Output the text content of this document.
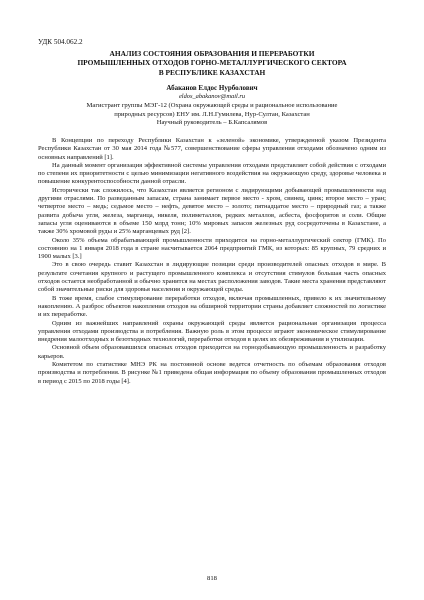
УДК 504.062.2
АНАЛИЗ СОСТОЯНИЯ ОБРАЗОВАНИЯ И ПЕРЕРАБОТКИ
ПРОМЫШЛЕННЫХ ОТХОДОВ ГОРНО-МЕТАЛЛУРГИЧЕСКОГО СЕКТОРА
В РЕСПУБЛИКЕ КАЗАХСТАН
Абаканов Елдос Нурболович
eldos_abakanov@mail.ru
Магистрант группы МЭГ-12 (Охрана окружающей среды и рациональное использование
природных ресурсов) ЕНУ им. Л.Н.Гумилева, Нур-Султан, Казахстан
Научный руководитель – Б.Капсалямов

В Концепции по переходу Республики Казахстан к «зеленой» экономике, утвержденной указом Президента Республики Казахстан от 30 мая 2014 года №577, совершенствование сферы управления отходами обозначено одним из основных направлений [1].

На данный момент организация эффективной системы управления отходами представляет собой действия с отходами по степени их приоритетности с целью минимизации негативного воздействия на окружающую среду, здоровье человека и повышение конкурентоспособности данной отрасли.

Исторически так сложилось, что Казахстан является регионом с лидирующими добывающей промышленности над другими отраслями. По разведанным запасам, страна занимает первое место - хром, свинец, цинк; второе место – уран; четвертое место – медь; седьмое место – нефть, девятое место – золото; пятнадцатое место – природный газ; а также развита добыча угля, железа, марганца, никеля, полиметаллов, редких металлов, асбеста, фосфоритов и соли. Общие запасы угля оцениваются в объеме 150 млрд тонн; 10% мировых запасов железных руд сосредоточены в Казахстане, а также 30% хромовой руды и 25% марганцевых руд [2].

Около 35% объема обрабатывающей промышленности приходится на горно-металлургический сектор (ГМК). По состоянию на 1 января 2018 года в стране насчитывается 2064 предприятий ГМК, из которых: 85 крупных, 79 средних и 1900 малых [3.]

Это в свою очередь ставит Казахстан в лидирующие позиции среди производителей опасных отходов в мире. В результате сочетания крупного и растущего промышленного комплекса и отсутствия стимулов большая часть опасных отходов остается необработанной и обычно хранится на местах расположения заводов. Такие места хранения представляют собой значительные риски для здоровья населения и окружающей среды.

В тоже время, слабое стимулирование переработки отходов, включая промышленных, привело к их значительному накоплению. А разброс объектов накопления отходов на обширной территории страны добавляет сложностей по логистике и их переработке.

Одним из важнейших направлений охраны окружающей среды является рациональная организация процесса управления отходами производства и потребления. Важную роль в этом процессе играют экономическое стимулирование внедрения малоотходных и безотходных технологий, переработки отходов в целях их обезвреживания и утилизации.

Основной объем образовавшихся опасных отходов приходится на горнодобывающую промышленность и разработку карьеров.

Комитетом по статистике МНЭ РК на постоянной основе ведется отчетность по объемам образования отходов производства и потребления. В рисунке №1 приведена общая информация по объему образования промышленных отходов в период с 2015 по 2018 годы [4].

818
